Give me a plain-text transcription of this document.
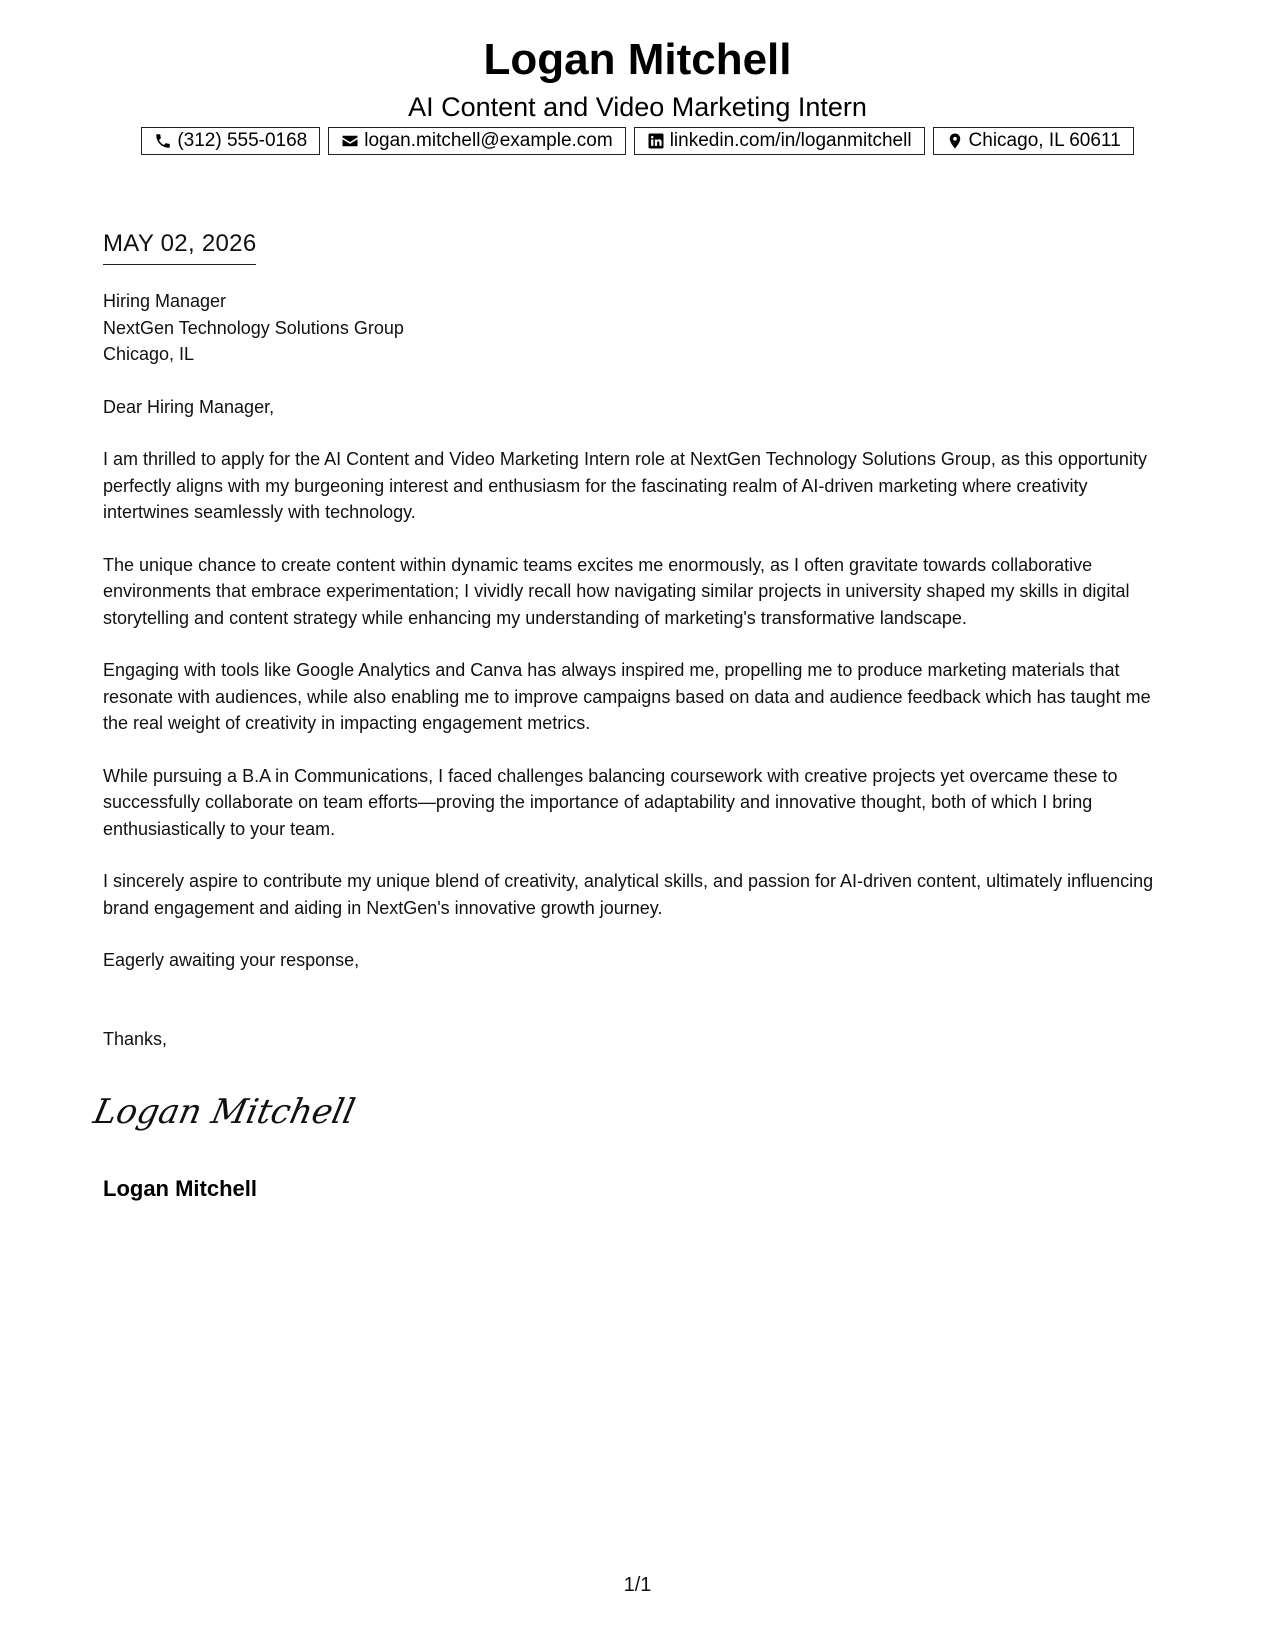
Logan Mitchell
AI Content and Video Marketing Intern
(312) 555-0168	logan.mitchell@example.com	linkedin.com/in/loganmitchell	Chicago, IL 60611
MAY 02, 2026

Hiring Manager
NextGen Technology Solutions Group
Chicago, IL

Dear Hiring Manager,

I am thrilled to apply for the AI Content and Video Marketing Intern role at NextGen Technology Solutions Group, as this opportunity perfectly aligns with my burgeoning interest and enthusiasm for the fascinating realm of AI-driven marketing where creativity intertwines seamlessly with technology.

The unique chance to create content within dynamic teams excites me enormously, as I often gravitate towards collaborative environments that embrace experimentation; I vividly recall how navigating similar projects in university shaped my skills in digital storytelling and content strategy while enhancing my understanding of marketing's transformative landscape.

Engaging with tools like Google Analytics and Canva has always inspired me, propelling me to produce marketing materials that resonate with audiences, while also enabling me to improve campaigns based on data and audience feedback which has taught me the real weight of creativity in impacting engagement metrics.

While pursuing a B.A in Communications, I faced challenges balancing coursework with creative projects yet overcame these to successfully collaborate on team efforts—proving the importance of adaptability and innovative thought, both of which I bring enthusiastically to your team.

I sincerely aspire to contribute my unique blend of creativity, analytical skills, and passion for AI-driven content, ultimately influencing brand engagement and aiding in NextGen's innovative growth journey.

Eagerly awaiting your response,

Thanks,

Logan Mitchell
Logan Mitchell
1/1
